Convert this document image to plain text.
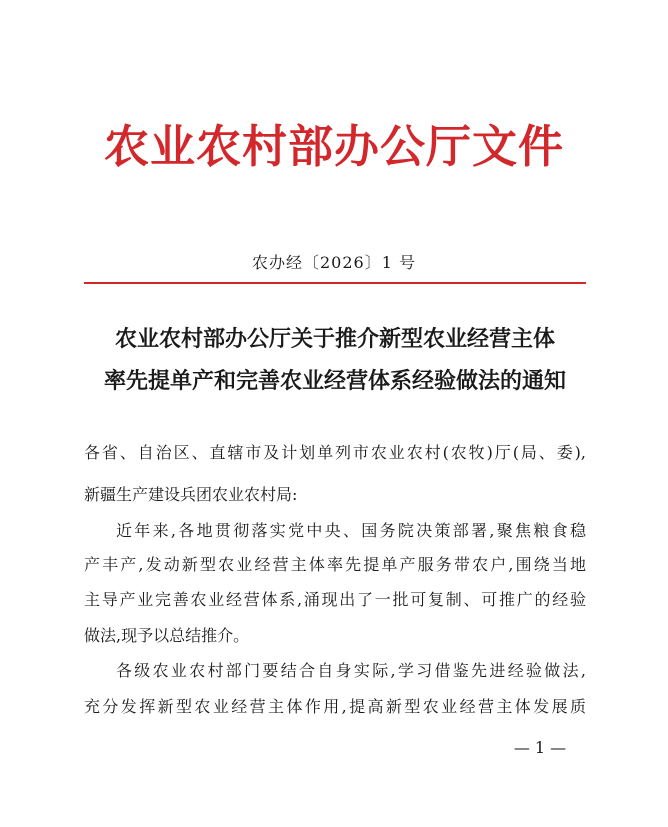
农业农村部办公厅文件
农办经〔2026〕1 号
农业农村部办公厅关于推介新型农业经营主体
率先提单产和完善农业经营体系经验做法的通知
各省、自治区、直辖市及计划单列市农业农村(农牧)厅(局、委),
新疆生产建设兵团农业农村局:
近年来,各地贯彻落实党中央、国务院决策部署,聚焦粮食稳
产丰产,发动新型农业经营主体率先提单产服务带农户,围绕当地
主导产业完善农业经营体系,涌现出了一批可复制、可推广的经验
做法,现予以总结推介。
各级农业农村部门要结合自身实际,学习借鉴先进经验做法,
充分发挥新型农业经营主体作用,提高新型农业经营主体发展质
— 1 —
